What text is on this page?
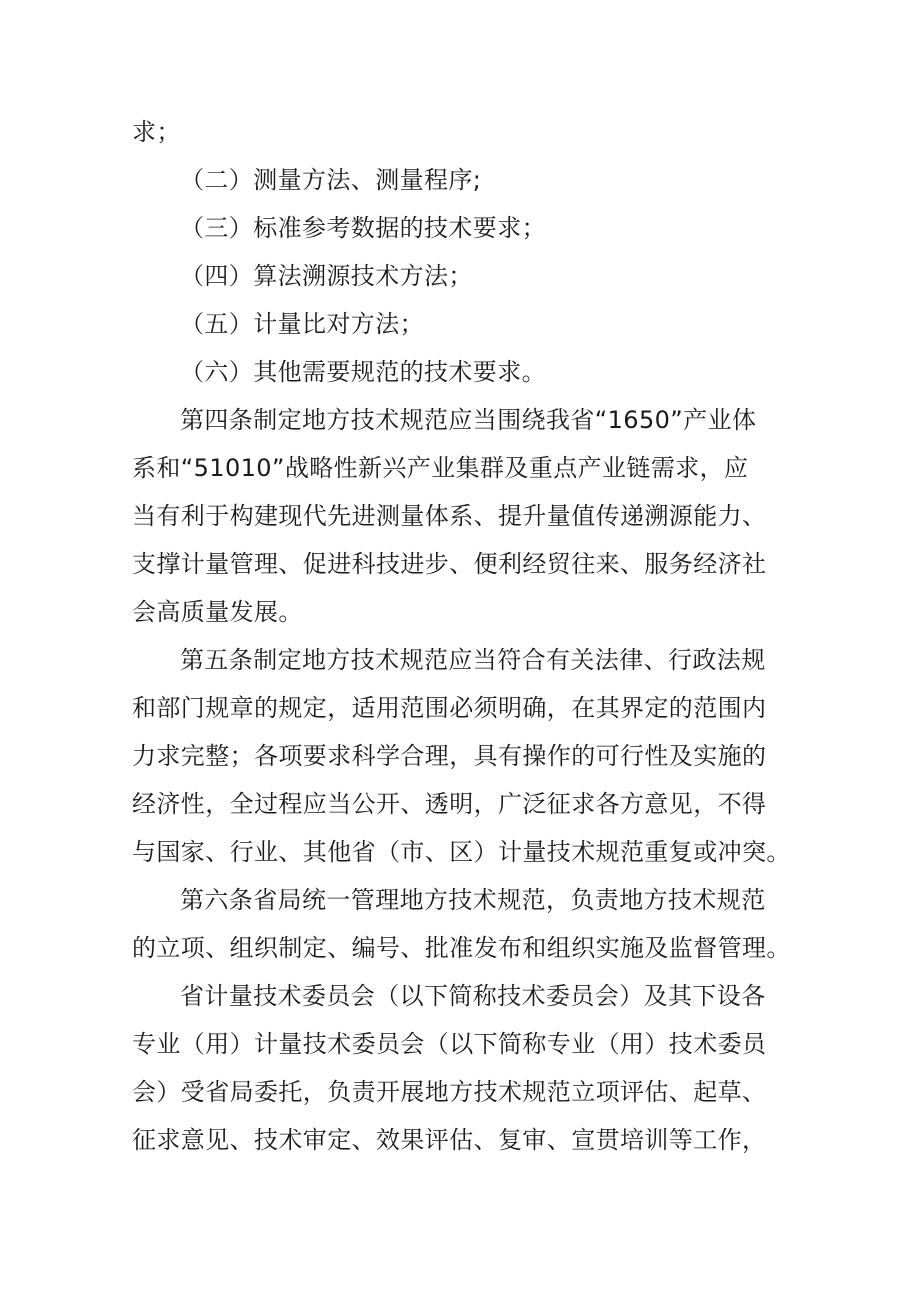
求；
（二）测量方法、测量程序;
（三）标准参考数据的技术要求；
（四）算法溯源技术方法；
（五）计量比对方法；
（六）其他需要规范的技术要求。
第四条制定地方技术规范应当围绕我省“1650”产业体
系和“51010”战略性新兴产业集群及重点产业链需求，应
当有利于构建现代先进测量体系、提升量值传递溯源能力、
支撑计量管理、促进科技进步、便利经贸往来、服务经济社
会高质量发展。
第五条制定地方技术规范应当符合有关法律、行政法规
和部门规章的规定，适用范围必须明确，在其界定的范围内
力求完整；各项要求科学合理，具有操作的可行性及实施的
经济性，全过程应当公开、透明，广泛征求各方意见，不得
与国家、行业、其他省（市、区）计量技术规范重复或冲突。
第六条省局统一管理地方技术规范，负责地方技术规范
的立项、组织制定、编号、批准发布和组织实施及监督管理。
省计量技术委员会（以下简称技术委员会）及其下设各
专业（用）计量技术委员会（以下简称专业（用）技术委员
会）受省局委托，负责开展地方技术规范立项评估、起草、
征求意见、技术审定、效果评估、复审、宣贯培训等工作，
